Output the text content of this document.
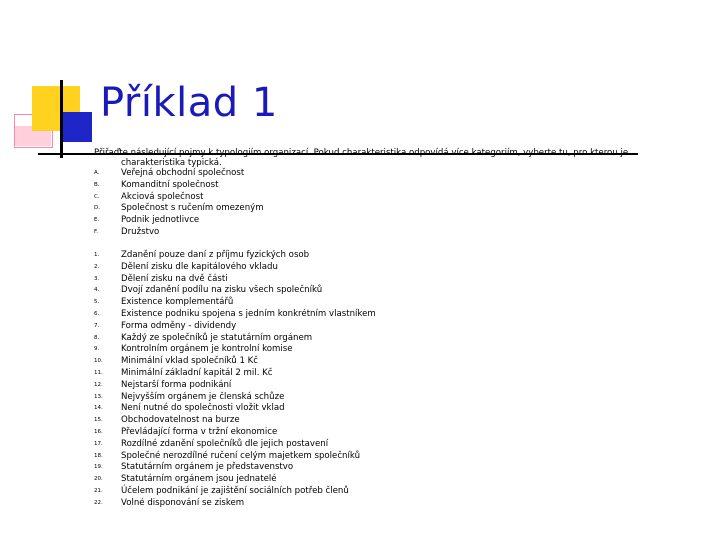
Příklad 1
Přiřaďte následující pojmy k typologiím organizací. Pokud charakteristika odpovídá více kategoriím, vyberte tu, pro kterou je
charakteristika typická.
A.	Veřejná obchodní společnost
B.	Komanditní společnost
C.	Akciová společnost
D.	Společnost s ručením omezeným
E.	Podnik jednotlivce
F.	Družstvo
1.	Zdanění pouze daní z příjmu fyzických osob
2.	Dělení zisku dle kapitálového vkladu
3.	Dělení zisku na dvě části
4.	Dvojí zdanění podílu na zisku všech společníků
5.	Existence komplementářů
6.	Existence podniku spojena s jedním konkrétním vlastníkem
7.	Forma odměny - dividendy
8.	Každý ze společníků je statutárním orgánem
9.	Kontrolním orgánem je kontrolní komise
10.	Minimální vklad společníků 1 Kč
11.	Minimální základní kapitál 2 mil. Kč
12.	Nejstarší forma podnikání
13.	Nejvyšším orgánem je členská schůze
14.	Není nutné do společnosti vložit vklad
15.	Obchodovatelnost na burze
16.	Převládající forma v tržní ekonomice
17.	Rozdílné zdanění společníků dle jejich postavení
18.	Společné nerozdílné ručení celým majetkem společníků
19.	Statutárním orgánem je představenstvo
20.	Statutárním orgánem jsou jednatelé
21.	Účelem podnikání je zajištění sociálních potřeb členů
22.	Volné disponování se ziskem
